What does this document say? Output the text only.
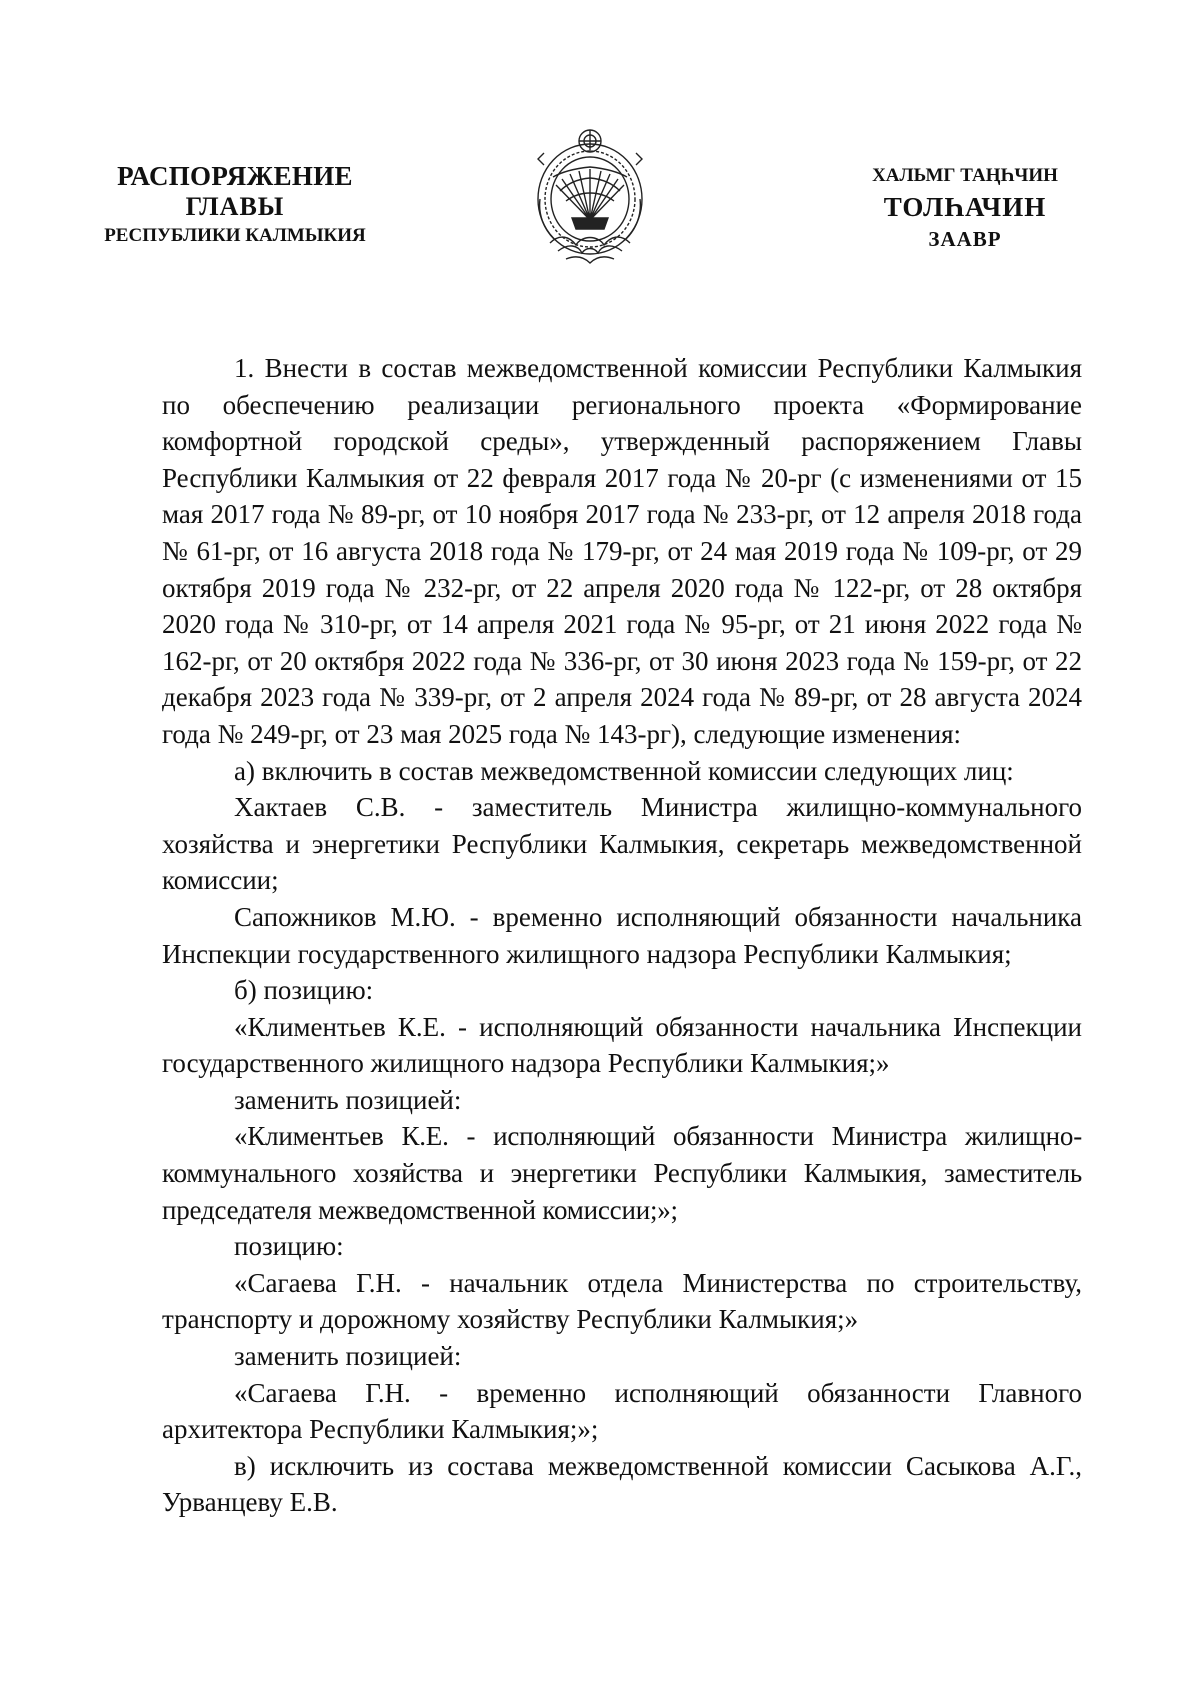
РАСПОРЯЖЕНИЕ
ГЛАВЫ
РЕСПУБЛИКИ КАЛМЫКИЯ
ХАЛЬМГ ТАҢҺЧИН
ТОЛҺАЧИН
ЗААВР

1. Внести в состав межведомственной комиссии Республики Калмыкия по обеспечению реализации регионального проекта «Формирование комфортной городской среды», утвержденный распоряжением Главы Республики Калмыкия от 22 февраля 2017 года № 20-рг (с изменениями от 15 мая 2017 года № 89-рг, от 10 ноября 2017 года № 233-рг, от 12 апреля 2018 года № 61-рг, от 16 августа 2018 года № 179-рг, от 24 мая 2019 года № 109-рг, от 29 октября 2019 года № 232-рг, от 22 апреля 2020 года № 122-рг, от 28 октября 2020 года № 310-рг, от 14 апреля 2021 года № 95-рг, от 21 июня 2022 года № 162-рг, от 20 октября 2022 года № 336-рг, от 30 июня 2023 года № 159-рг, от 22 декабря 2023 года № 339-рг, от 2 апреля 2024 года № 89-рг, от 28 августа 2024 года № 249-рг, от 23 мая 2025 года № 143-рг), следующие изменения:

а) включить в состав межведомственной комиссии следующих лиц:

Хактаев С.В. - заместитель Министра жилищно-коммунального хозяйства и энергетики Республики Калмыкия, секретарь межведомственной комиссии;

Сапожников М.Ю. - временно исполняющий обязанности начальника Инспекции государственного жилищного надзора Республики Калмыкия;

б) позицию:

«Климентьев К.Е. - исполняющий обязанности начальника Инспекции государственного жилищного надзора Республики Калмыкия;»

заменить позицией:

«Климентьев К.Е. - исполняющий обязанности Министра жилищно-коммунального хозяйства и энергетики Республики Калмыкия, заместитель председателя межведомственной комиссии;»;

позицию:

«Сагаева Г.Н. - начальник отдела Министерства по строительству, транспорту и дорожному хозяйству Республики Калмыкия;»

заменить позицией:

«Сагаева Г.Н. - временно исполняющий обязанности Главного архитектора Республики Калмыкия;»;

в) исключить из состава межведомственной комиссии Сасыкова А.Г., Урванцеву Е.В.
